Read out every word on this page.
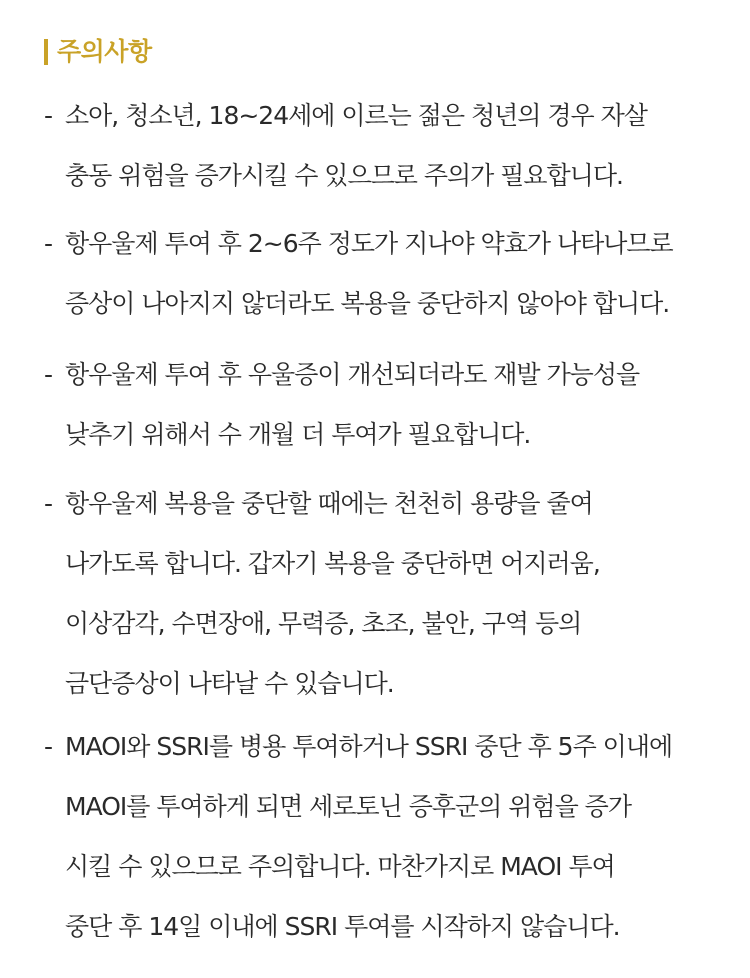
주의사항
- 소아, 청소년, 18~24세에 이르는 젊은 청년의 경우 자살
충동 위험을 증가시킬 수 있으므로 주의가 필요합니다.
- 항우울제 투여 후 2~6주 정도가 지나야 약효가 나타나므로
증상이 나아지지 않더라도 복용을 중단하지 않아야 합니다.
- 항우울제 투여 후 우울증이 개선되더라도 재발 가능성을
낮추기 위해서 수 개월 더 투여가 필요합니다.
- 항우울제 복용을 중단할 때에는 천천히 용량을 줄여
나가도록 합니다. 갑자기 복용을 중단하면 어지러움,
이상감각, 수면장애, 무력증, 초조, 불안, 구역 등의
금단증상이 나타날 수 있습니다.
- MAOI와 SSRI를 병용 투여하거나 SSRI 중단 후 5주 이내에
MAOI를 투여하게 되면 세로토닌 증후군의 위험을 증가
시킬 수 있으므로 주의합니다. 마찬가지로 MAOI 투여
중단 후 14일 이내에 SSRI 투여를 시작하지 않습니다.
